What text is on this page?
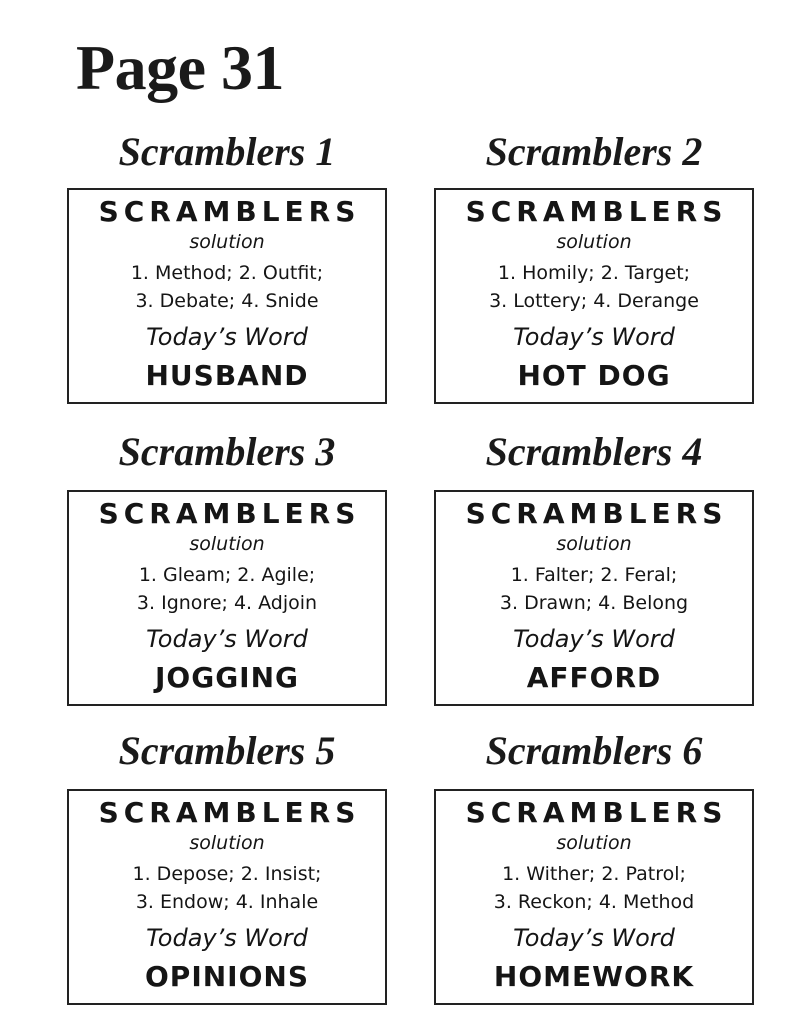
Page 31
Scramblers 1
SCRAMBLERS
solution
1. Method; 2. Outfit;
3. Debate; 4. Snide
Today’s Word
HUSBAND
Scramblers 2
SCRAMBLERS
solution
1. Homily; 2. Target;
3. Lottery; 4. Derange
Today’s Word
HOT DOG
Scramblers 3
SCRAMBLERS
solution
1. Gleam; 2. Agile;
3. Ignore; 4. Adjoin
Today’s Word
JOGGING
Scramblers 4
SCRAMBLERS
solution
1. Falter; 2. Feral;
3. Drawn; 4. Belong
Today’s Word
AFFORD
Scramblers 5
SCRAMBLERS
solution
1. Depose; 2. Insist;
3. Endow; 4. Inhale
Today’s Word
OPINIONS
Scramblers 6
SCRAMBLERS
solution
1. Wither; 2. Patrol;
3. Reckon; 4. Method
Today’s Word
HOMEWORK
